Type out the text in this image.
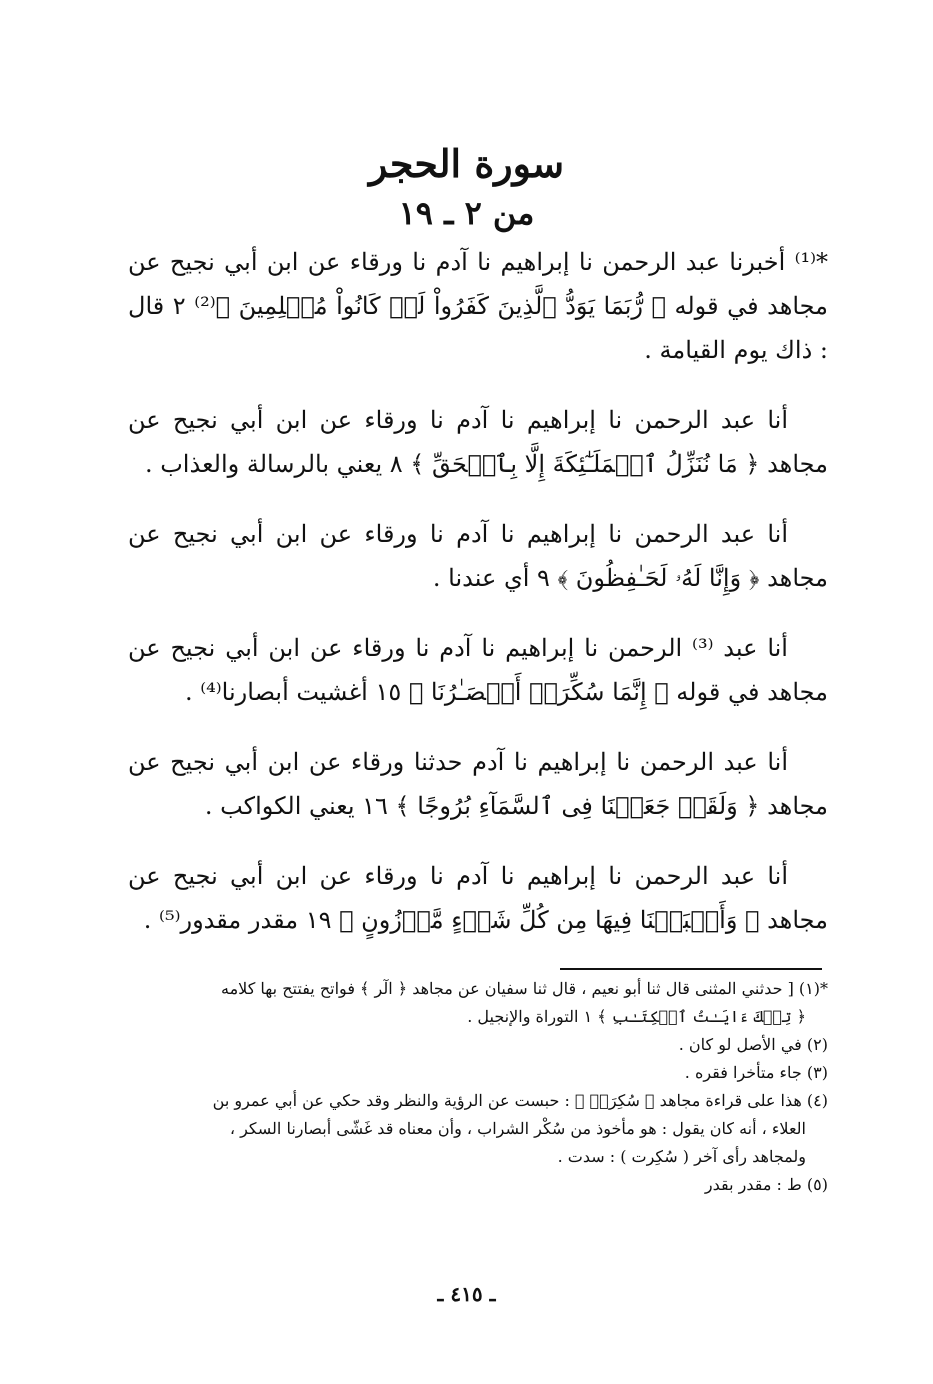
سورة الحجر
من ٢ ـ ١٩

*⁽¹⁾ أخبرنا عبد الرحمن نا إبراهيم نا آدم نا ورقاء عن ابن أبي نجيح عن مجاهد في قوله ﴿ رُّبَمَا يَوَدُّ ٱلَّذِينَ كَفَرُواْ لَوۡ كَانُواْ مُسۡلِمِينَ ﴾⁽²⁾ ٢ قال : ذاك يوم القيامة .

أنا عبد الرحمن نا إبراهيم نا آدم نا ورقاء عن ابن أبي نجيح عن مجاهد ﴿ مَا نُنَزِّلُ ٱلۡمَلَـٰٓئِكَةَ إِلَّا بِٱلۡحَقِّ ﴾ ٨ يعني بالرسالة والعذاب .

أنا عبد الرحمن نا إبراهيم نا آدم نا ورقاء عن ابن أبي نجيح عن مجاهد ﴿ وَإِنَّا لَهُۥ لَحَـٰفِظُونَ ﴾ ٩ أي عندنا .

أنا عبد ⁽³⁾ الرحمن نا إبراهيم نا آدم نا ورقاء عن ابن أبي نجيح عن مجاهد في قوله ﴿ إِنَّمَا سُكِّرَتۡ أَبۡصَـٰرُنَا ﴾ ١٥ أغشيت أبصارنا⁽⁴⁾ .

أنا عبد الرحمن نا إبراهيم نا آدم حدثنا ورقاء عن ابن أبي نجيح عن مجاهد ﴿ وَلَقَدۡ جَعَلۡنَا فِى ٱلسَّمَآءِ بُرُوجًا ﴾ ١٦ يعني الكواكب .

أنا عبد الرحمن نا إبراهيم نا آدم نا ورقاء عن ابن أبي نجيح عن مجاهد ﴿ وَأَنۢبَتۡنَا فِيهَا مِن كُلِّ شَىۡءٍ مَّوۡزُونٍ ﴾ ١٩ مقدر مقدور⁽⁵⁾ .

*(١) [ حدثني المثنى قال ثنا أبو نعيم ، قال ثنا سفيان عن مجاهد ﴿ الٓر ﴾ فواتح يفتتح بها كلامه

﴿ تِلۡكَ ءَايَـٰتُ ٱلۡكِتَـٰبِ ﴾ ١ التوراة والإنجيل .

(٢) في الأصل لو كان .

(٣) جاء متأخرا فقره .

(٤) هذا على قراءة مجاهد ﴿ سُكِرَتۡ ﴾ : حبست عن الرؤية والنظر وقد حكي عن أبي عمرو بن

العلاء ، أنه كان يقول : هو مأخوذ من سُكْر الشراب ، وأن معناه قد غَشّى أبصارنا السكر ،

ولمجاهد رأى آخر ( سُكِرت ) : سدت .

(٥) ط : مقدر بقدر

ـ ٤١٥ ـ
